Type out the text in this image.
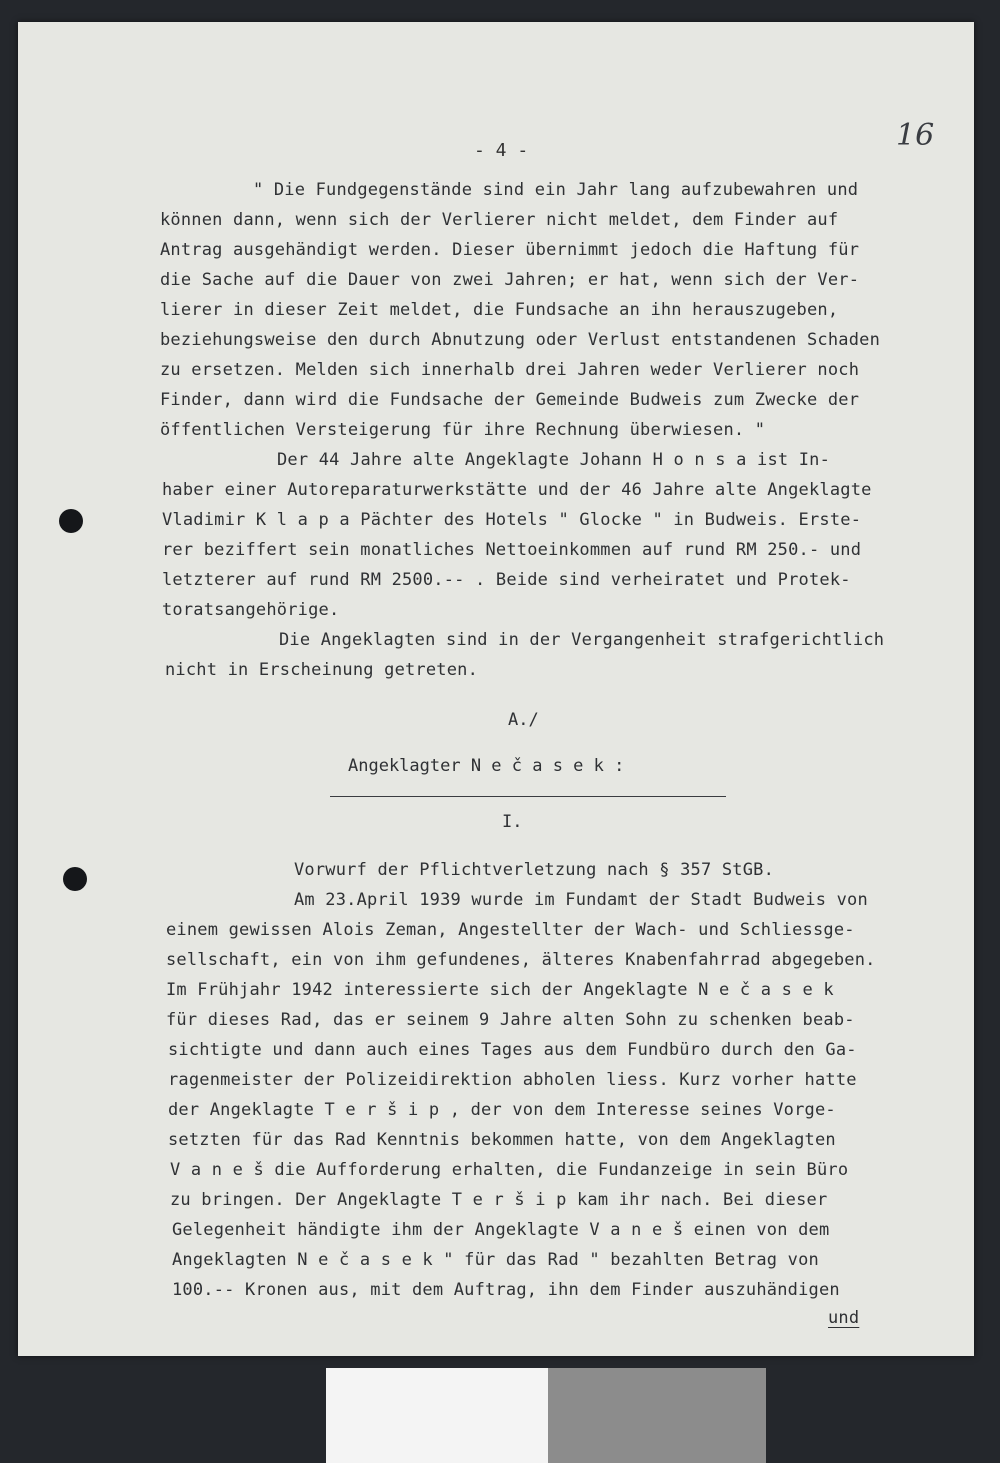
- 4 -	16
" Die Fundgegenstände sind ein Jahr lang aufzubewahren und
können dann, wenn sich der Verlierer nicht meldet, dem Finder auf
Antrag ausgehändigt werden. Dieser übernimmt jedoch die Haftung für
die Sache auf die Dauer von zwei Jahren; er hat, wenn sich der Ver-
lierer in dieser Zeit meldet, die Fundsache an ihn herauszugeben,
beziehungsweise den durch Abnutzung oder Verlust entstandenen Schaden
zu ersetzen. Melden sich innerhalb drei Jahren weder Verlierer noch
Finder, dann wird die Fundsache der Gemeinde Budweis zum Zwecke der
öffentlichen Versteigerung für ihre Rechnung überwiesen. "
Der 44 Jahre alte Angeklagte Johann H o n s a ist In-
haber einer Autoreparaturwerkstätte und der 46 Jahre alte Angeklagte
Vladimir K l a p a Pächter des Hotels " Glocke " in Budweis. Erste-
rer beziffert sein monatliches Nettoeinkommen auf rund RM 250.- und
letzterer auf rund RM 2500.-- . Beide sind verheiratet und Protek-
toratsangehörige.
Die Angeklagten sind in der Vergangenheit strafgerichtlich
nicht in Erscheinung getreten.
A./
Angeklagter N e č a s e k :
I.
Vorwurf der Pflichtverletzung nach § 357 StGB.
Am 23.April 1939 wurde im Fundamt der Stadt Budweis von
einem gewissen Alois Zeman, Angestellter der Wach- und Schliessge-
sellschaft, ein von ihm gefundenes, älteres Knabenfahrrad abgegeben.
Im Frühjahr 1942 interessierte sich der Angeklagte N e č a s e k
für dieses Rad, das er seinem 9 Jahre alten Sohn zu schenken beab-
sichtigte und dann auch eines Tages aus dem Fundbüro durch den Ga-
ragenmeister der Polizeidirektion abholen liess. Kurz vorher hatte
der Angeklagte T e r š i p , der von dem Interesse seines Vorge-
setzten für das Rad Kenntnis bekommen hatte, von dem Angeklagten
V a n e š die Aufforderung erhalten, die Fundanzeige in sein Büro
zu bringen. Der Angeklagte T e r š i p kam ihr nach. Bei dieser
Gelegenheit händigte ihm der Angeklagte V a n e š einen von dem
Angeklagten N e č a s e k " für das Rad " bezahlten Betrag von
100.-- Kronen aus, mit dem Auftrag, ihn dem Finder auszuhändigen
und
